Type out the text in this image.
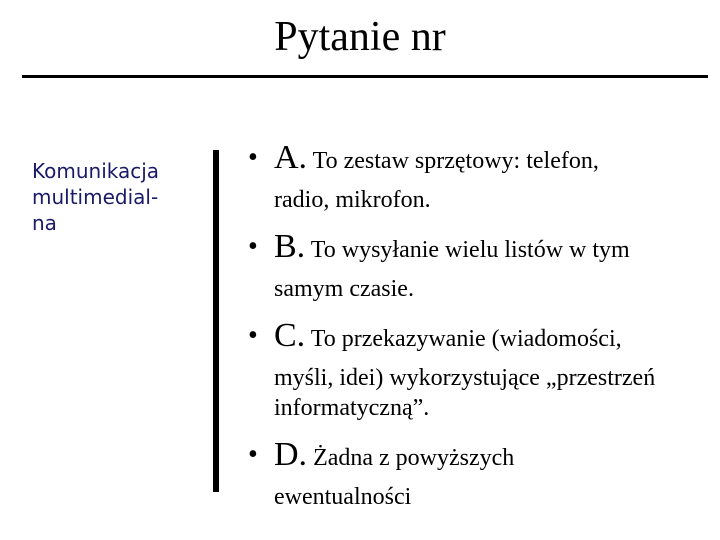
Pytanie nr
Komunikacja
multimedial-
na
• A. To zestaw sprzętowy: telefon,
radio, mikrofon.
• B. To wysyłanie wielu listów w tym
samym czasie.
• C. To przekazywanie (wiadomości,
myśli, idei) wykorzystujące „przestrzeń informatyczną”.
• D. Żadna z powyższych
ewentualności
